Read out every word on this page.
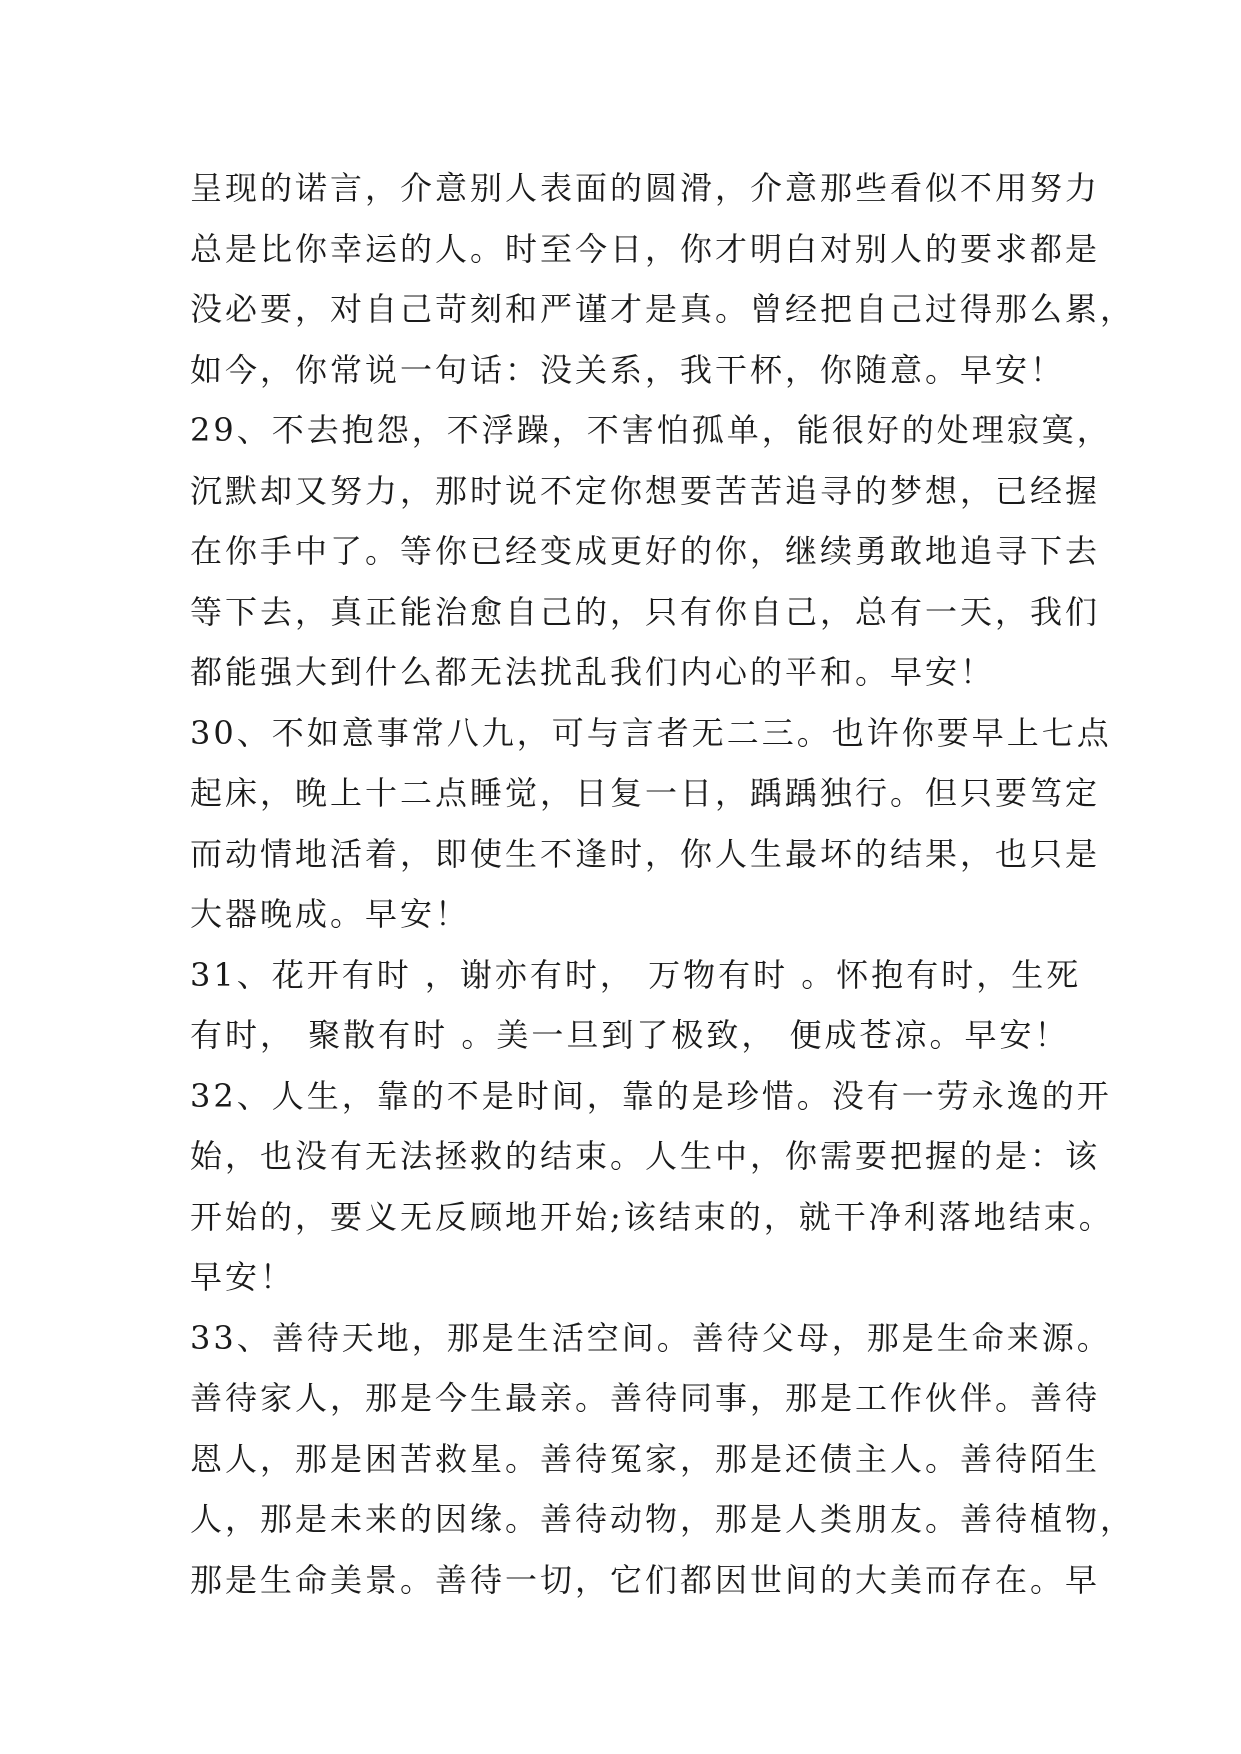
呈现的诺言，介意别人表面的圆滑，介意那些看似不用努力
总是比你幸运的人。时至今日，你才明白对别人的要求都是
没必要，对自己苛刻和严谨才是真。曾经把自己过得那么累，
如今，你常说一句话：没关系，我干杯，你随意。早安！
29、不去抱怨，不浮躁，不害怕孤单，能很好的处理寂寞，
沉默却又努力，那时说不定你想要苦苦追寻的梦想，已经握
在你手中了。等你已经变成更好的你，继续勇敢地追寻下去
等下去，真正能治愈自己的，只有你自己，总有一天，我们
都能强大到什么都无法扰乱我们内心的平和。早安！
30、不如意事常八九，可与言者无二三。也许你要早上七点
起床，晚上十二点睡觉，日复一日，踽踽独行。但只要笃定
而动情地活着，即使生不逢时，你人生最坏的结果，也只是
大器晚成。早安！
31、花开有时 ，谢亦有时， 万物有时 。怀抱有时，生死
有时， 聚散有时 。美一旦到了极致， 便成苍凉。早安！
32、人生，靠的不是时间，靠的是珍惜。没有一劳永逸的开
始，也没有无法拯救的结束。人生中，你需要把握的是：该
开始的，要义无反顾地开始;该结束的，就干净利落地结束。
早安！
33、善待天地，那是生活空间。善待父母，那是生命来源。
善待家人，那是今生最亲。善待同事，那是工作伙伴。善待
恩人，那是困苦救星。善待冤家，那是还债主人。善待陌生
人，那是未来的因缘。善待动物，那是人类朋友。善待植物，
那是生命美景。善待一切，它们都因世间的大美而存在。早
